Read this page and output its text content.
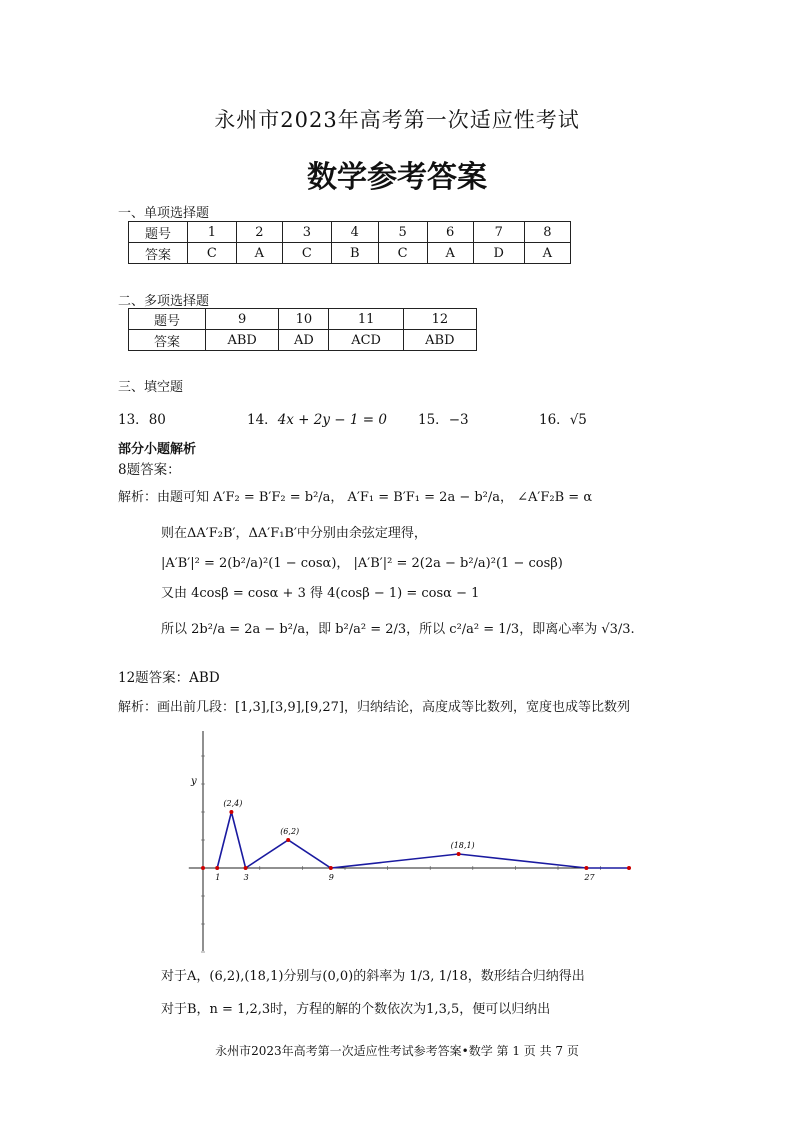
永州市2023年高考第一次适应性考试
数学参考答案
一、单项选择题
题号	1	2	3	4	5	6	7	8
答案	C	A	C	B	C	A	D	A
二、多项选择题
题号	9	10	11	12
答案	ABD	AD	ACD	ABD
三、填空题
13．80	14．4x + 2y − 1 = 0 15．−3	16．√5
部分小题解析
8题答案：
解析：由题可知 A′F₂ = B′F₂ = b²/a， A′F₁ = B′F₁ = 2a − b²/a， ∠A′F₂B = α
则在ΔA′F₂B′，ΔA′F₁B′中分别由余弦定理得，
|A′B′|² = 2(b²/a)²(1 − cosα)， |A′B′|² = 2(2a − b²/a)²(1 − cosβ)
又由 4cosβ = cosα + 3 得 4(cosβ − 1) = cosα − 1
所以 2b²/a = 2a − b²/a，即 b²/a² = 2/3，所以 c²/a² = 1/3，即离心率为 √3/3.
12题答案：ABD
解析：画出前几段：[1,3],[3,9],[9,27]，归纳结论，高度成等比数列，宽度也成等比数列
y
(2,4)
(6,2)
(18,1)
1	3	9	27
对于A，(6,2),(18,1)分别与(0,0)的斜率为 1/3, 1/18，数形结合归纳得出
对于B，n = 1,2,3时，方程的解的个数依次为1,3,5，便可以归纳出
永州市2023年高考第一次适应性考试参考答案•数学 第 1 页 共 7 页
